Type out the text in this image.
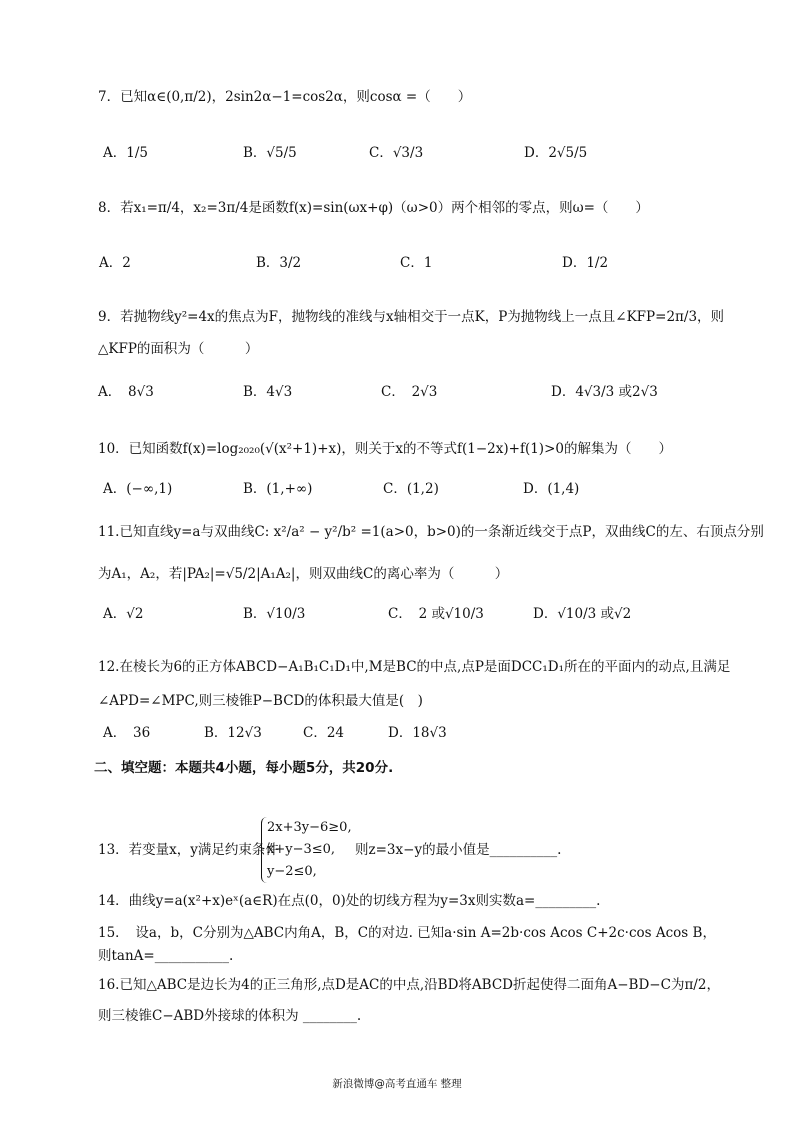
7．已知α∈(0,π/2)，2sin2α−1=cos2α，则cosα =（　　）
A．1/5	B．√5/5	C．√3/3	D．2√5/5
8．若x₁=π/4，x₂=3π/4是函数f(x)=sin(ωx+φ)（ω>0）两个相邻的零点，则ω=（　　）
A．2	B．3/2	C．1	D．1/2
9．若抛物线y²=4x的焦点为F，抛物线的准线与x轴相交于一点K，P为抛物线上一点且∠KFP=2π/3，则
△KFP的面积为（　　　）
A．　8√3	B．4√3	C．　2√3	D．4√3/3 或2√3
10．已知函数f(x)=log₂₀₂₀(√(x²+1)+x)，则关于x的不等式f(1−2x)+f(1)>0的解集为（　　）
A．(−∞,1)	B．(1,+∞)	C．(1,2)	D．(1,4)
11.已知直线y=a与双曲线C: x²/a² − y²/b² =1(a>0，b>0)的一条渐近线交于点P，双曲线C的左、右顶点分别
为A₁，A₂，若|PA₂|=√5/2|A₁A₂|，则双曲线C的离心率为（　　　）
A．√2	B．√10/3	C．　2 或√10/3	D．√10/3 或√2
12.在棱长为6的正方体ABCD−A₁B₁C₁D₁中,M是BC的中点,点P是面DCC₁D₁所在的平面内的动点,且满足
∠APD=∠MPC,则三棱锥P−BCD的体积最大值是(　)
A．　36	B．12√3	C．24	D．18√3
二、填空题：本题共4小题，每小题5分，共20分.
13．若变量x，y满足约束条件
2x+3y−6≥0,
x+y−3≤0,
y−2≤0,
则z=3x−y的最小值是__________.
14．曲线y=a(x²+x)eˣ(a∈R)在点(0，0)处的切线方程为y=3x则实数a=_________.
15．　设a，b，C分别为△ABC内角A，B，C的对边. 已知a·sin A=2b·cos Acos C+2c·cos Acos B，
则tanA=___________.
16.已知△ABC是边长为4的正三角形,点D是AC的中点,沿BD将ABCD折起使得二面角A−BD−C为π/2，
则三棱锥C−ABD外接球的体积为 ________.
新浪微博@高考直通车 整理
